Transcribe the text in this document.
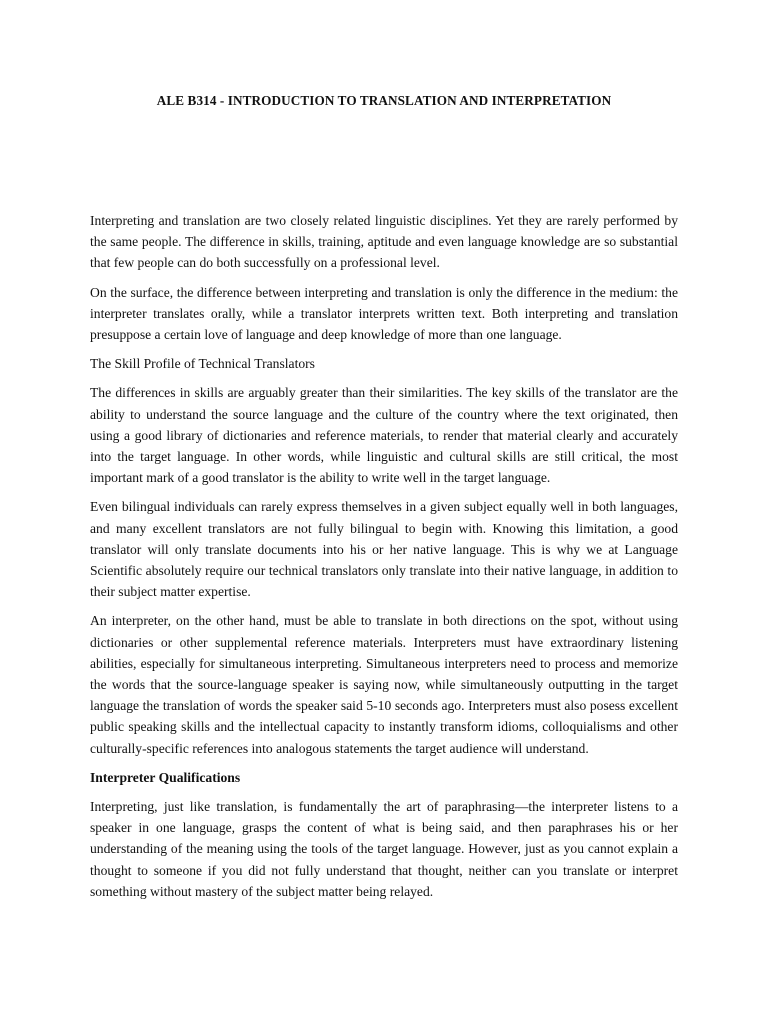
ALE B314 - INTRODUCTION TO TRANSLATION AND INTERPRETATION

Interpreting and translation are two closely related linguistic disciplines. Yet they are rarely performed by the same people. The difference in skills, training, aptitude and even language knowledge are so substantial that few people can do both successfully on a professional level.

On the surface, the difference between interpreting and translation is only the difference in the medium: the interpreter translates orally, while a translator interprets written text. Both interpreting and translation presuppose a certain love of language and deep knowledge of more than one language.

The Skill Profile of Technical Translators

The differences in skills are arguably greater than their similarities. The key skills of the translator are the ability to understand the source language and the culture of the country where the text originated, then using a good library of dictionaries and reference materials, to render that material clearly and accurately into the target language. In other words, while linguistic and cultural skills are still critical, the most important mark of a good translator is the ability to write well in the target language.

Even bilingual individuals can rarely express themselves in a given subject equally well in both languages, and many excellent translators are not fully bilingual to begin with. Knowing this limitation, a good translator will only translate documents into his or her native language. This is why we at Language Scientific absolutely require our technical translators only translate into their native language, in addition to their subject matter expertise.

An interpreter, on the other hand, must be able to translate in both directions on the spot, without using dictionaries or other supplemental reference materials. Interpreters must have extraordinary listening abilities, especially for simultaneous interpreting. Simultaneous interpreters need to process and memorize the words that the source-language speaker is saying now, while simultaneously outputting in the target language the translation of words the speaker said 5-10 seconds ago. Interpreters must also posess excellent public speaking skills and the intellectual capacity to instantly transform idioms, colloquialisms and other culturally-specific references into analogous statements the target audience will understand.

Interpreter Qualifications

Interpreting, just like translation, is fundamentally the art of paraphrasing—the interpreter listens to a speaker in one language, grasps the content of what is being said, and then paraphrases his or her understanding of the meaning using the tools of the target language. However, just as you cannot explain a thought to someone if you did not fully understand that thought, neither can you translate or interpret something without mastery of the subject matter being relayed.
